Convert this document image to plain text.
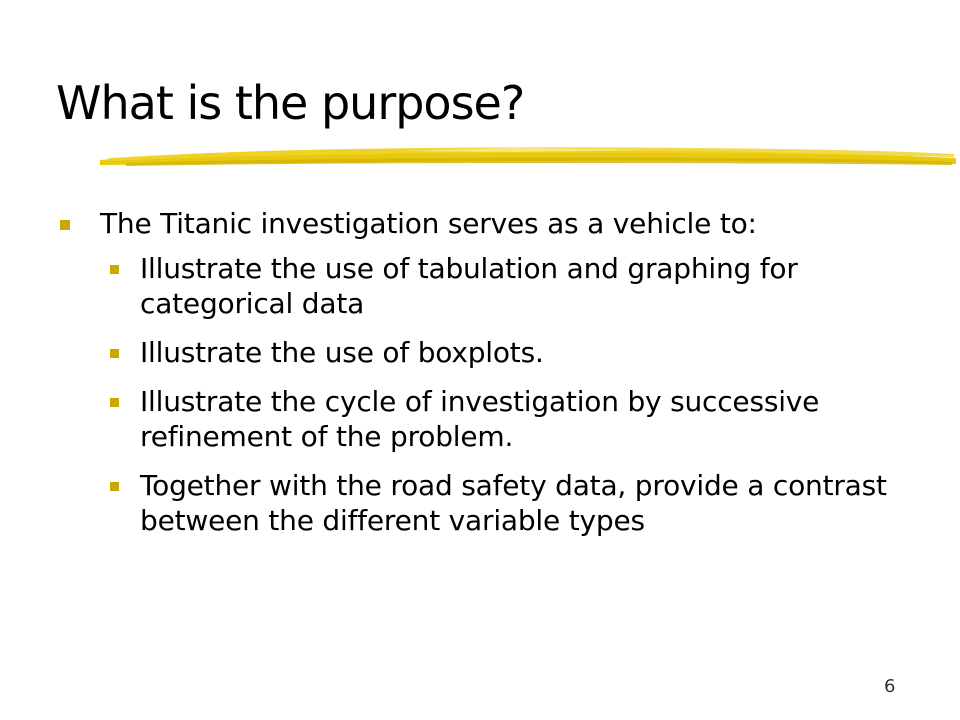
What is the purpose?
The Titanic investigation serves as a vehicle to:
Illustrate the use of tabulation and graphing for categorical data
Illustrate the use of boxplots.
Illustrate the cycle of investigation by successive refinement of the problem.
Together with the road safety data, provide a contrast between the different variable types
6
